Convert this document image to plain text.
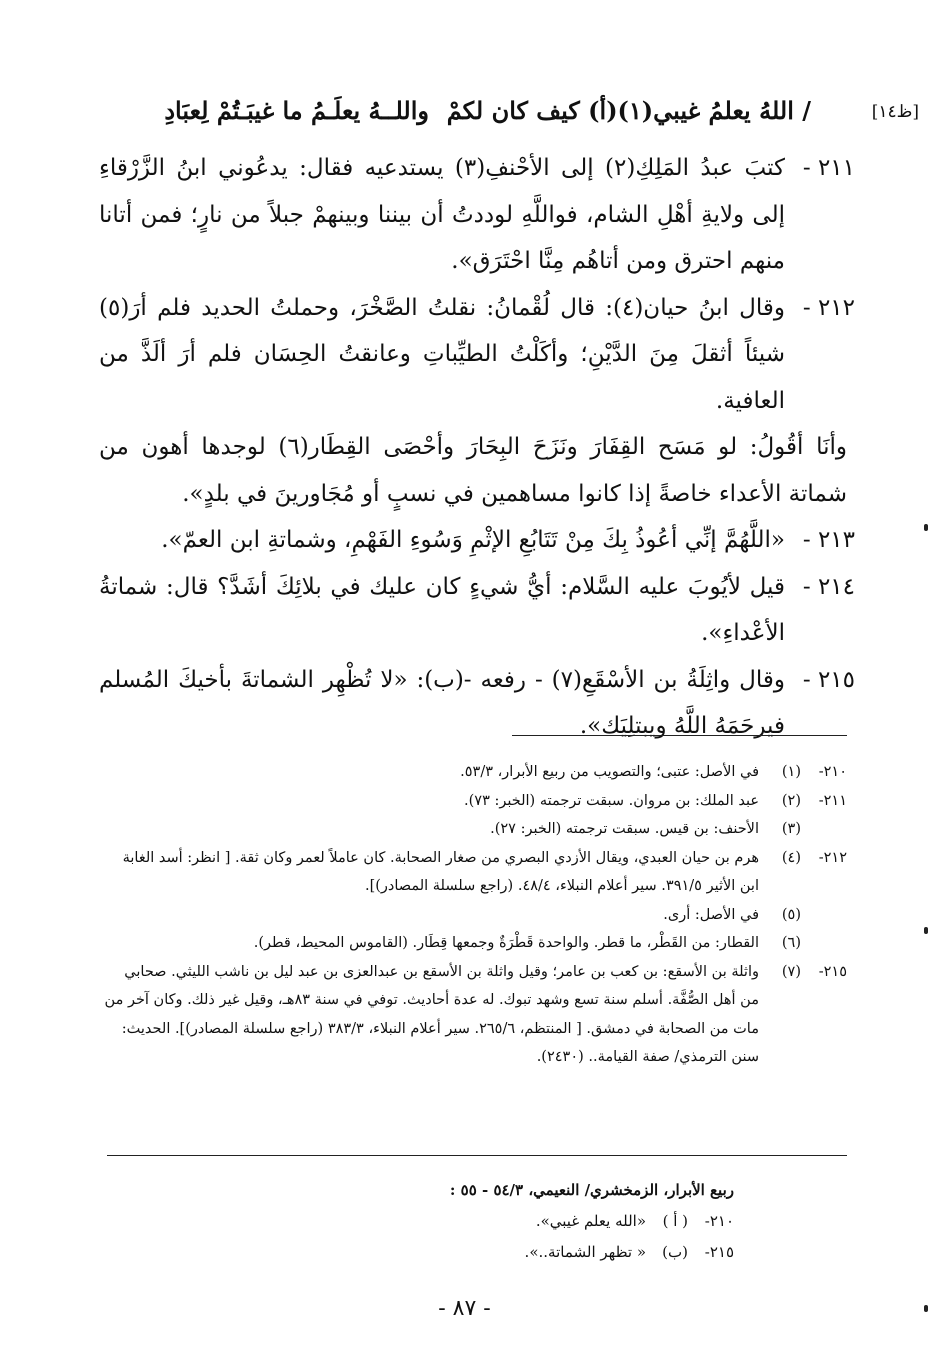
[ظ١٤]
/ اللهُ يعلمُ غيبي(١)(أ) كيف كان لكمْ
واللــهُ يعلَـمُ ما غيبَـتُمْ لِعبَادِ
٢١١ -

كتبَ عبدُ المَلِكِ(٢) إلى الأحْنفِ(٣) يستدعيه فقال: يدعُوني ابنُ الزَّرْقاءِ إلى ولايةِ أهْلِ الشام، فواللَّهِ لوددتُ أن بيننا وبينهمْ جبلاً من نارٍ؛ فمن أتانا منهم احترق ومن أتاهُم مِنَّا احْتَرَق».

٢١٢ -

وقال ابنُ حيان(٤): قال لُقْمانُ: نقلتُ الصَّخْرَ، وحملتُ الحديد فلم أرَ(٥) شيئاً أثقلَ مِنَ الدَّيْنِ؛ وأكَلْتُ الطيِّباتِ وعانقتُ الحِسَان فلم أرَ ألَذَّ من العافية.

وأنَا أقُولُ: لو مَسَح القِفَارَ ونَزَحَ البِحَارَ وأحْصَى القِطَار(٦) لوجدها أهون من شماتة الأعداء خاصةً إذا كانوا مساهمين في نسبٍ أو مُجَاورينَ في بلدٍ».

٢١٣ -

«اللَّهُمَّ إنِّي أعُوذُ بِكَ مِنْ تَتَابُعِ الإثْمِ وَسُوءِ الفَهْمِ، وشماتةِ ابن العمّ».

٢١٤ -

قيل لأيُوبَ عليه السَّلام: أيُّ شيءٍ كان عليك في بلائِكَ أشَدَّ؟ قال: شماتةُ الأعْداءِ».

٢١٥ -

وقال واثِلَةُ بن الأسْقَعِ(٧) - رفعه -(ب): «لا تُظْهِر الشماتةَ بأخيكَ المُسلم فيرحَمَهُ اللَّهُ ويبتلِيَك».

٢١٠-
(١)
في الأصل: عتبى؛ والتصويب من ربيع الأبرار، ٥٣/٣.
٢١١-
(٢)
عبد الملك: بن مروان. سبقت ترجمته (الخبر: ٧٣).
(٣)
الأحنف: بن قيس. سبقت ترجمته (الخبر: ٢٧).
٢١٢-
(٤)
هرم بن حيان العبدي، ويقال الأزدي البصري من صغار الصحابة. كان عاملاً لعمر وكان ثقة. [ انظر: أسد الغابة ابن الأثير ٣٩١/٥. سير أعلام النبلاء، ٤٨/٤. (راجع سلسلة المصادر)].
(٥)
في الأصل: أرى.
(٦)
القطار: من القَطْر، ما قطر. والواحدة قَطْرَةٌ وجمعها قِطَار. (القاموس المحيط، قطر).
٢١٥-
(٧)
واثلة بن الأسقع: بن كعب بن عامر؛ وقيل واثلة بن الأسقع بن عبدالعزى بن عبد ليل بن ناشب الليثي. صحابي من أهل الصُّفَّة. أسلم سنة تسع وشهد تبوك. له عدة أحاديث. توفي في سنة ٨٣هـ، وقيل غير ذلك. وكان آخر من مات من الصحابة في دمشق. [ المنتظم، ٢٦٥/٦. سير أعلام النبلاء، ٣٨٣/٣ (راجع سلسلة المصادر)]. الحديث: سنن الترمذي/ صفة القيامة.. (٢٤٣٠).
ربيع الأبرار، الزمخشري/ النعيمي، ٥٤/٣ - ٥٥ :
٢١٠-
( أ )
«الله يعلم غيبي».
٢١٥-
(ب)
« تظهر الشماتة..».
- ٨٧ -
